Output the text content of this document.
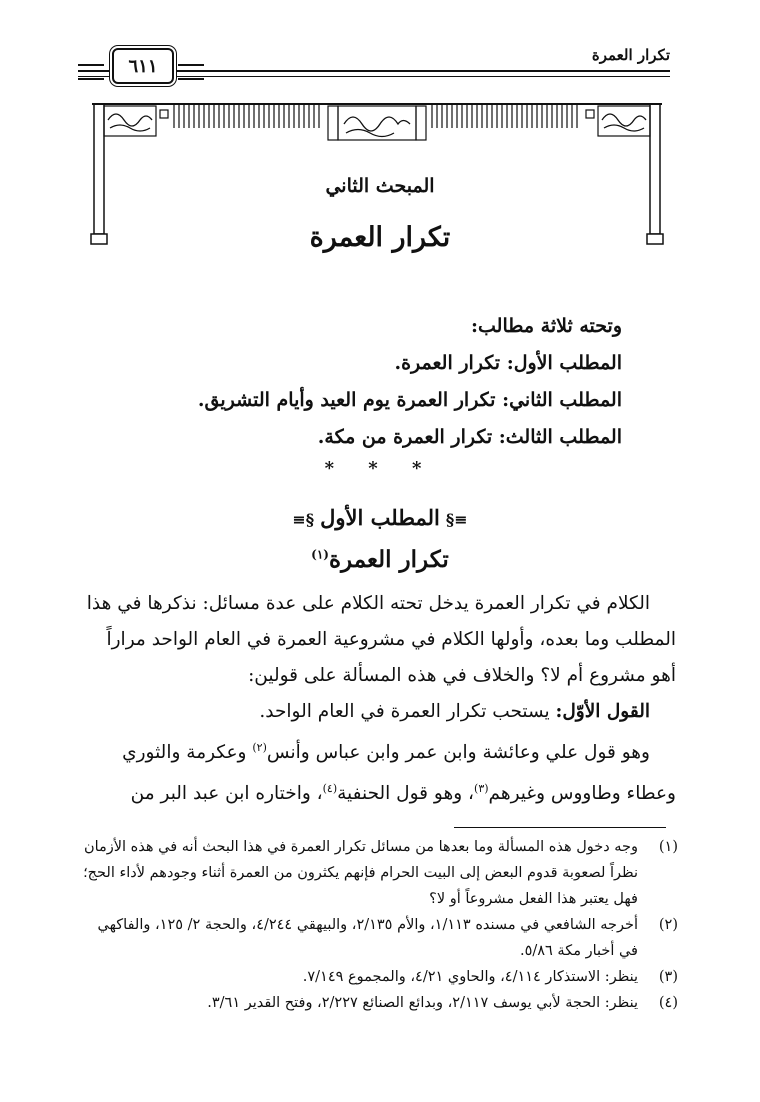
تكرار العمرة
٦١١
المبحث الثاني
تكرار العمرة
وتحته ثلاثة مطالب:
المطلب الأول: تكرار العمرة.
المطلب الثاني: تكرار العمرة يوم العيد وأيام التشريق.
المطلب الثالث: تكرار العمرة من مكة.
* * *
≡§المطلب الأول§≡
تكرار العمرة$^{(١)}$

الكلام في تكرار العمرة يدخل تحته الكلام على عدة مسائل: نذكرها في هذا المطلب وما بعده، وأولها الكلام في مشروعية العمرة في العام الواحد مراراً أهو مشروع أم لا؟ والخلاف في هذه المسألة على قولين:

القول الأوّل: يستحب تكرار العمرة في العام الواحد.

وهو قول علي وعائشة وابن عمر وابن عباس وأنس$^{(٢)}$ وعكرمة والثوري وعطاء وطاووس وغيرهم$^{(٣)}$، وهو قول الحنفية$^{(٤)}$، واختاره ابن عبد البر من

(١)
وجه دخول هذه المسألة وما بعدها من مسائل تكرار العمرة في هذا البحث أنه في هذه الأزمان نظراً لصعوبة قدوم البعض إلى البيت الحرام فإنهم يكثرون من العمرة أثناء وجودهم لأداء الحج؛ فهل يعتبر هذا الفعل مشروعاً أو لا؟
(٢)
أخرجه الشافعي في مسنده ١/١١٣، والأم ٢/١٣٥، والبيهقي ٤/٢٤٤، والحجة ٢/ ١٢٥، والفاكهي في أخبار مكة ٥/٨٦.
(٣)
ينظر: الاستذكار ٤/١١٤، والحاوي ٤/٢١، والمجموع ٧/١٤٩.
(٤)
ينظر: الحجة لأبي يوسف ٢/١١٧، وبدائع الصنائع ٢/٢٢٧، وفتح القدير ٣/٦١.
